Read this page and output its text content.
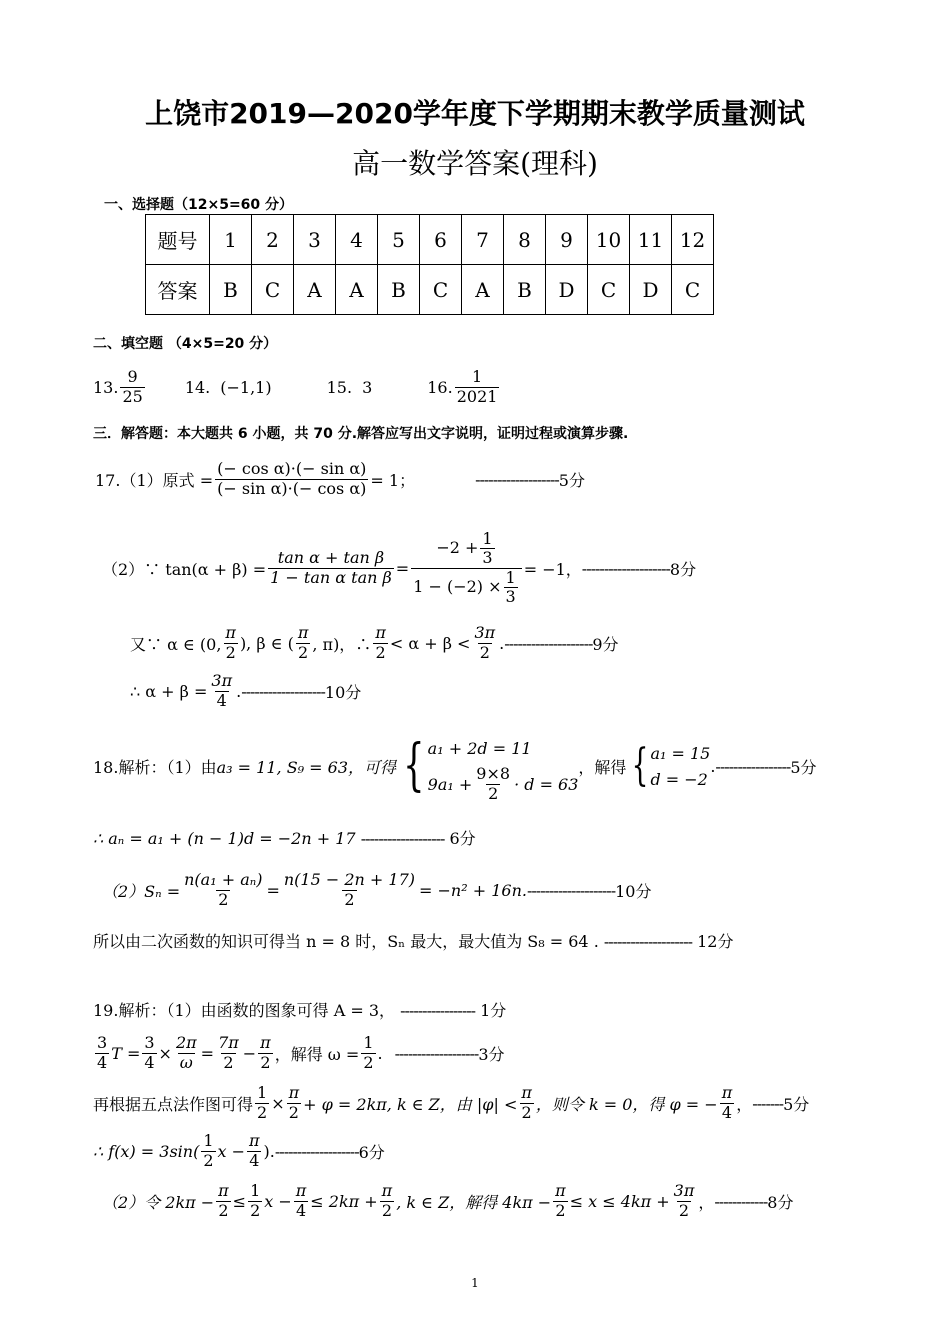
上饶市2019—2020学年度下学期期末教学质量测试
高一数学答案(理科)
一、选择题（12×5=60 分）
题号	1	2	3	4	5	6	7	8	9	10	11	12
答案	B	C	A	A	B	C	A	B	D	C	D	C
二、填空题 （4×5=20 分）
13.
9
25	14. (−1,1)	15. 3	16.
1
2021
三．解答题：本大题共 6 小题，共 70 分.解答应写出文字说明，证明过程或演算步骤.
17.（1）原式 = $\frac{\text{(− cos α)·(− sin α)}}{\text{(− sin α)·(− cos α)}} = 1$；	------------------- 5分
（2）∵ $\tan(\alpha + \beta) = \frac{\text{tan α + tan β}}{\text{1 − tan α tan β}} = \frac{-2 + \frac{1}{3}}{1 - (-2) \times \frac{1}{3}} = -1$， -------------------- 8分
又∵ α ∈ (0,
π
2 ), β ∈ (
π
2 , π)，∴
π
2 < α + β <
3π
2 . -------------------- 9分
∴ $\alpha + \beta = \frac{3\pi}{4}$ . ------------------- 10分
18.解析：（1）由 a₃ = 11, S₉ = 63，可得 { a₁ + 2d = 11
$9a_1 + \frac{9\times 8}{2} \cdot d = 63$
，解得 { a₁ = 15
d = −2
. ----------------- 5分
∴ aₙ = a₁ + (n − 1)d = −2n + 17 ------------------- 6分
$(2)S_n = \frac{\text{n(a₁ + aₙ)}}{2} = \frac{n(15 - 2n + 17)}{2} = -n^2 + 16n$. -------------------- 10分
所以由二次函数的知识可得当 n = 8 时，Sₙ 最大，最大值为 S₈ = 64 . -------------------- 12分
19.解析：（1）由函数的图象可得 A = 3， ----------------- 1分
3
4 $T = \frac{3}{4} \times \frac{2\pi}{\omega} = \frac{7\pi}{2} - \frac{\pi}{2}$ ，解得 $\omega = \frac{1}{2}$ . ------------------- 3分
再根据五点法作图可得 $\frac{1}{2} \times \frac{\pi}{2} + \varphi = 2k\pi$, k ∈ Z，由 |φ| <
π
2 ，则令 k = 0，得 φ = − $\frac{\pi}{4}$ ， ------- 5分
∴ f(x) = 3sin(
1
2 $x - \frac{\pi}{4}$ ). ------------------- 6分
（2）令 $2k\pi - \frac{\pi}{2} \le \frac{1}{2}$ $x - \frac{\pi}{4} \le 2k\pi + \frac{\pi}{2}$ , k ∈ Z，解得 $4k\pi - \frac{\pi}{2} \le x \le 4k\pi + \frac{3\pi}{2}$ ， ------------ 8分
1
